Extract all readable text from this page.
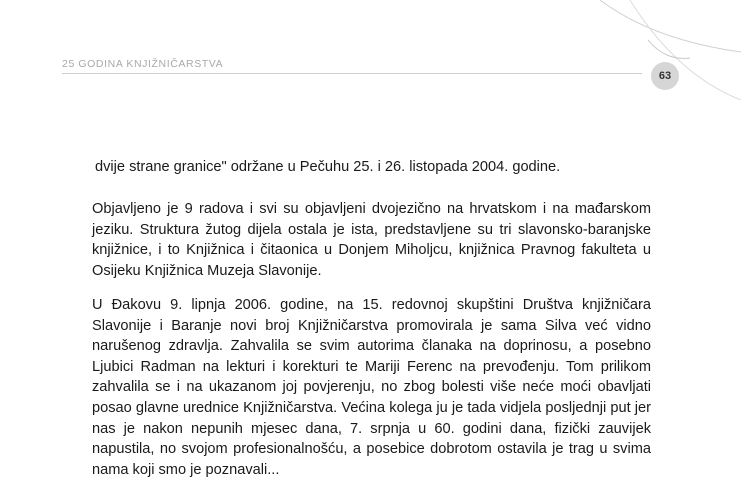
25 GODINA KNJIŽNIČARSTVA
63

dvije strane granice" održane u Pečuhu 25. i 26. listopada 2004. godine.

Objavljeno je 9 radova i svi su objavljeni dvojezično na hrvatskom i na mađarskom jeziku. Struktura žutog dijela ostala je ista, predstavljene su tri slavonsko-baranjske knjižnice, i to Knjižnica i čitaonica u Donjem Miholjcu, knjižnica Pravnog fakulteta u Osijeku Knjižnica Muzeja Slavonije.

U Đakovu 9. lipnja 2006. godine, na 15. redovnoj skupštini Društva knjižničara Slavonije i Baranje novi broj Knjižničarstva promovirala je sama Silva već vidno narušenog zdravlja. Zahvalila se svim autorima članaka na doprinosu, a posebno Ljubici Radman na lekturi i korekturi te Mariji Ferenc na prevođenju. Tom prilikom zahvalila se i na ukazanom joj povjerenju, no zbog bolesti više neće moći obavljati posao glavne urednice Knjižničarstva. Većina kolega ju je tada vidjela posljednji put jer nas je nakon nepunih mjesec dana, 7. srpnja u 60. godini dana, fizički zauvijek napustila, no svojom profesionalnošću, a posebice dobrotom ostavila je trag u svima nama koji smo je poznavali...
